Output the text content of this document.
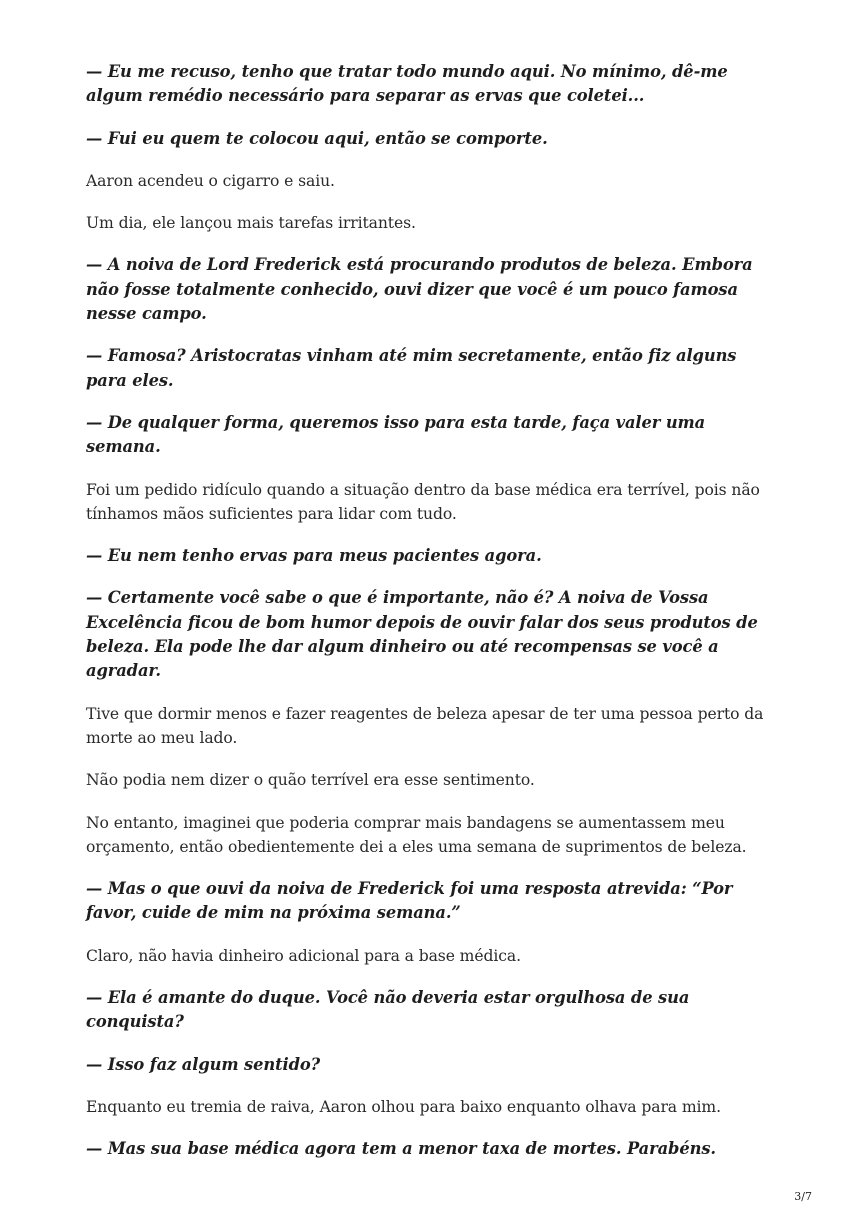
— Eu me recuso, tenho que tratar todo mundo aqui. No mínimo, dê-me algum remédio necessário para separar as ervas que coletei...

— Fui eu quem te colocou aqui, então se comporte.

Aaron acendeu o cigarro e saiu.

Um dia, ele lançou mais tarefas irritantes.

— A noiva de Lord Frederick está procurando produtos de beleza. Embora não fosse totalmente conhecido, ouvi dizer que você é um pouco famosa nesse campo.

— Famosa? Aristocratas vinham até mim secretamente, então fiz alguns para eles.

— De qualquer forma, queremos isso para esta tarde, faça valer uma semana.

Foi um pedido ridículo quando a situação dentro da base médica era terrível, pois não tínhamos mãos suficientes para lidar com tudo.

— Eu nem tenho ervas para meus pacientes agora.

— Certamente você sabe o que é importante, não é? A noiva de Vossa Excelência ficou de bom humor depois de ouvir falar dos seus produtos de beleza. Ela pode lhe dar algum dinheiro ou até recompensas se você a agradar.

Tive que dormir menos e fazer reagentes de beleza apesar de ter uma pessoa perto da morte ao meu lado.

Não podia nem dizer o quão terrível era esse sentimento.

No entanto, imaginei que poderia comprar mais bandagens se aumentassem meu orçamento, então obedientemente dei a eles uma semana de suprimentos de beleza.

— Mas o que ouvi da noiva de Frederick foi uma resposta atrevida: “Por favor, cuide de mim na próxima semana.”

Claro, não havia dinheiro adicional para a base médica.

— Ela é amante do duque. Você não deveria estar orgulhosa de sua conquista?

— Isso faz algum sentido?

Enquanto eu tremia de raiva, Aaron olhou para baixo enquanto olhava para mim.

— Mas sua base médica agora tem a menor taxa de mortes. Parabéns.

3/7
